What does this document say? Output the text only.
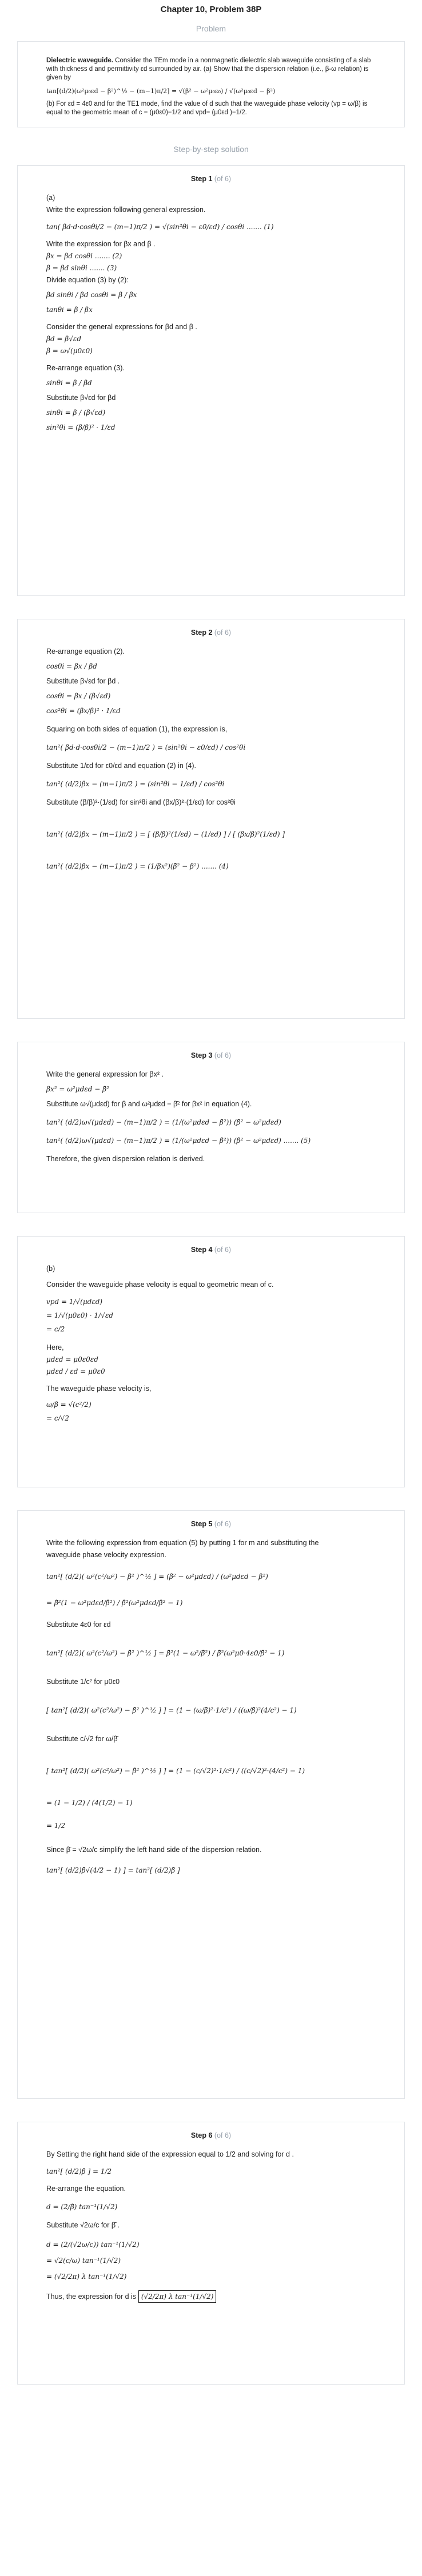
Chapter 10, Problem 38P
Problem

Dielectric waveguide. Consider the TEm mode in a nonmagnetic dielectric slab waveguide consisting of a slab with thickness d and permittivity εd surrounded by air. (a) Show that the dispersion relation (i.e., β-ω relation) is given by

tan[(d/2)(ω²μ₀εd − β²)^½ − (m−1)π/2] = √(β² − ω²μ₀ε₀) / √(ω²μ₀εd − β²)

(b) For εd = 4ε0 and for the TE1 mode, find the value of d such that the waveguide phase velocity (vp = ω/β) is equal to the geometric mean of c = (μ0ε0)−1/2 and vpd= (μ0εd )−1/2.

Step-by-step solution
Step 1 (of 6)
(a)
Write the expression following general expression.
tan( βd·d·cosθi/2 − (m−1)π/2 ) = √(sin²θi − ε0/εd) / cosθi ....... (1)
Write the expression for βx and β .
βx = βd cosθi ....... (2)
β = βd sinθi ....... (3)
Divide equation (3) by (2):
βd sinθi / βd cosθi = β / βx
tanθi = β / βx
Consider the general expressions for βd and β .
βd = β√εd
β = ω√(μ0ε0)
Re-arrange equation (3).
sinθi = β / βd
Substitute β√εd for βd
sinθi = β / (β√εd)
sin²θi = (β/β)² · 1/εd
Step 2 (of 6)
Re-arrange equation (2).
cosθi = βx / βd
Substitute β√εd for βd .
cosθi = βx / (β√εd)
cos²θi = (βx/β)² · 1/εd
Squaring on both sides of equation (1), the expression is,
tan²( βd·d·cosθi/2 − (m−1)π/2 ) = (sin²θi − ε0/εd) / cos²θi
Substitute 1/εd for ε0/εd and equation (2) in (4).
tan²( (d/2)βx − (m−1)π/2 ) = (sin²θi − 1/εd) / cos²θi
Substitute (β/β)²·(1/εd) for sin²θi and (βx/β)²·(1/εd) for cos²θi
tan²( (d/2)βx − (m−1)π/2 ) = [ (β/β)²(1/εd) − (1/εd) ] / [ (βx/β)²(1/εd) ]
tan²( (d/2)βx − (m−1)π/2 ) = (1/βx²)(β̄² − β²) ....... (4)
Step 3 (of 6)
Write the general expression for βx² .
βx² = ω²μdεd − β̄²
Substitute ω√(μdεd) for β and ω²μdεd − β̄² for βx² in equation (4).
tan²( (d/2)ω√(μdεd) − (m−1)π/2 ) = (1/(ω²μdεd − β̄²)) (β̄² − ω²μdεd)
tan²( (d/2)ω√(μdεd) − (m−1)π/2 ) = (1/(ω²μdεd − β̄²)) (β̄² − ω²μdεd) ....... (5)
Therefore, the given dispersion relation is derived.
Step 4 (of 6)
(b)
Consider the waveguide phase velocity is equal to geometric mean of c.
vpd = 1/√(μdεd)
= 1/√(μ0ε0) · 1/√εd
= c/2
Here,
μdεd = μ0ε0εd
μdεd / εd = μ0ε0
The waveguide phase velocity is,
ω/β̄ = √(c²/2)
= c/√2
Step 5 (of 6)
Write the following expression from equation (5) by putting 1 for m and substituting the
waveguide phase velocity expression.
tan²[ (d/2)( ω²(c²/ω²) − β̄² )^½ ] = (β̄² − ω²μdεd) / (ω²μdεd − β̄²)
= β̄²(1 − ω²μdεd/β̄²) / β̄²(ω²μdεd/β̄² − 1)
Substitute 4ε0 for εd
tan²[ (d/2)( ω²(c²/ω²) − β̄² )^½ ] = β̄²(1 − ω²/β̄²) / β̄²(ω²μ0·4ε0/β̄² − 1)
Substitute 1/c² for μ0ε0
[ tan²[ (d/2)( ω²(c²/ω²) − β̄² )^½ ] ] = (1 − (ω/β̄)²·1/c²) / ((ω/β̄)²(4/c²) − 1)
Substitute c/√2 for ω/β̄
[ tan²[ (d/2)( ω²(c²/ω²) − β̄² )^½ ] ] = (1 − (c/√2)²·1/c²) / ((c/√2)²·(4/c²) − 1)
= (1 − 1/2) / (4(1/2) − 1)
= 1/2
Since β̄ = √2ω/c simplify the left hand side of the dispersion relation.
tan²[ (d/2)β̄√(4/2 − 1) ] = tan²[ (d/2)β̄ ]
Step 6 (of 6)
By Setting the right hand side of the expression equal to 1/2 and solving for d .
tan²[ (d/2)β̄ ] = 1/2
Re-arrange the equation.
d = (2/β̄) tan⁻¹(1/√2)
Substitute √2ω/c for β̄ .
d = (2/(√2ω/c)) tan⁻¹(1/√2)
= √2(c/ω) tan⁻¹(1/√2)
= (√2/2π) λ tan⁻¹(1/√2)
Thus, the expression for d is (√2/2π) λ tan⁻¹(1/√2)
